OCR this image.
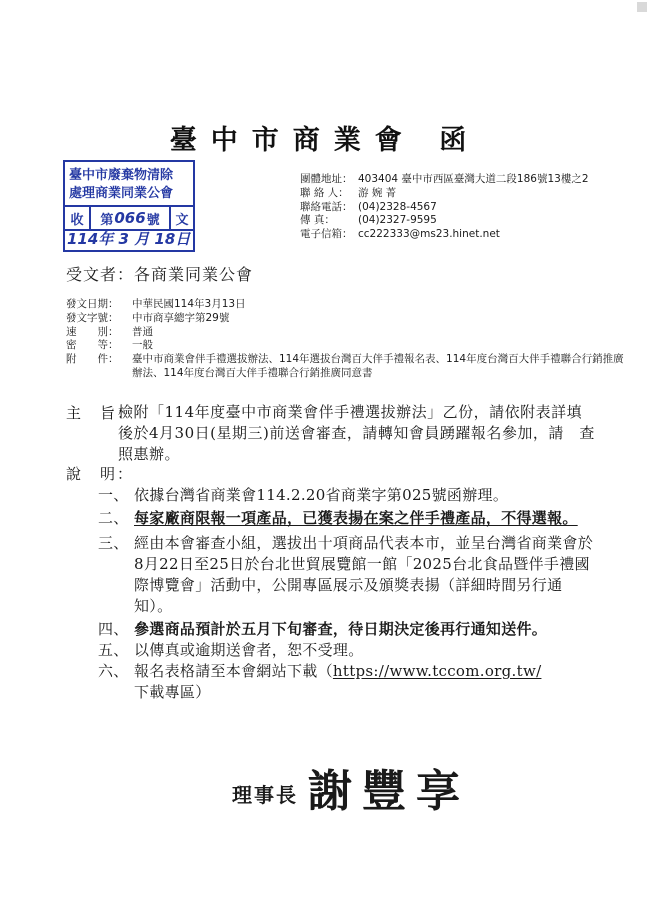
臺中市商業會 函
臺中市廢棄物清除
處理商業同業公會
收	第 066 號	文
114年 3 月 18日
團體地址： 403404 臺中市西區臺灣大道二段186號13樓之2
聯 絡 人： 游 婉 菁
聯絡電話： (04)2328-4567
傳 真： (04)2327-9595
電子信箱： cc222333@ms23.hinet.net
受文者：各商業同業公會
發文日期：	中華民國114年3月13日
發文字號：	中市商享總字第29號
速　　別：	普通
密　　等：	一般
附　　件：	臺中市商業會伴手禮選拔辦法、114年選拔台灣百大伴手禮報名表、114年度台灣百大伴手禮聯合行銷推廣辦法、114年度台灣百大伴手禮聯合行銷推廣同意書
主　旨：
檢附「114年度臺中市商業會伴手禮選拔辦法」乙份，請依附表詳填後於4月30日(星期三)前送會審查，請轉知會員踴躍報名參加，請　查照惠辦。
說　明：
一、 依據台灣省商業會114.2.20省商業字第025號函辦理。
二、 每家廠商限報一項產品，已獲表揚在案之伴手禮產品，不得選報。
三、 經由本會審查小組，選拔出十項商品代表本市，並呈台灣省商業會於8月22日至25日於台北世貿展覽館一館「2025台北食品暨伴手禮國際博覽會」活動中，公開專區展示及頒獎表揚（詳細時間另行通知）。
四、 參選商品預計於五月下旬審查，待日期決定後再行通知送件。
五、 以傳真或逾期送會者，恕不受理。
六、 報名表格請至本會網站下載（https://www.tccom.org.tw/
下載專區）
理事長 謝豐享
